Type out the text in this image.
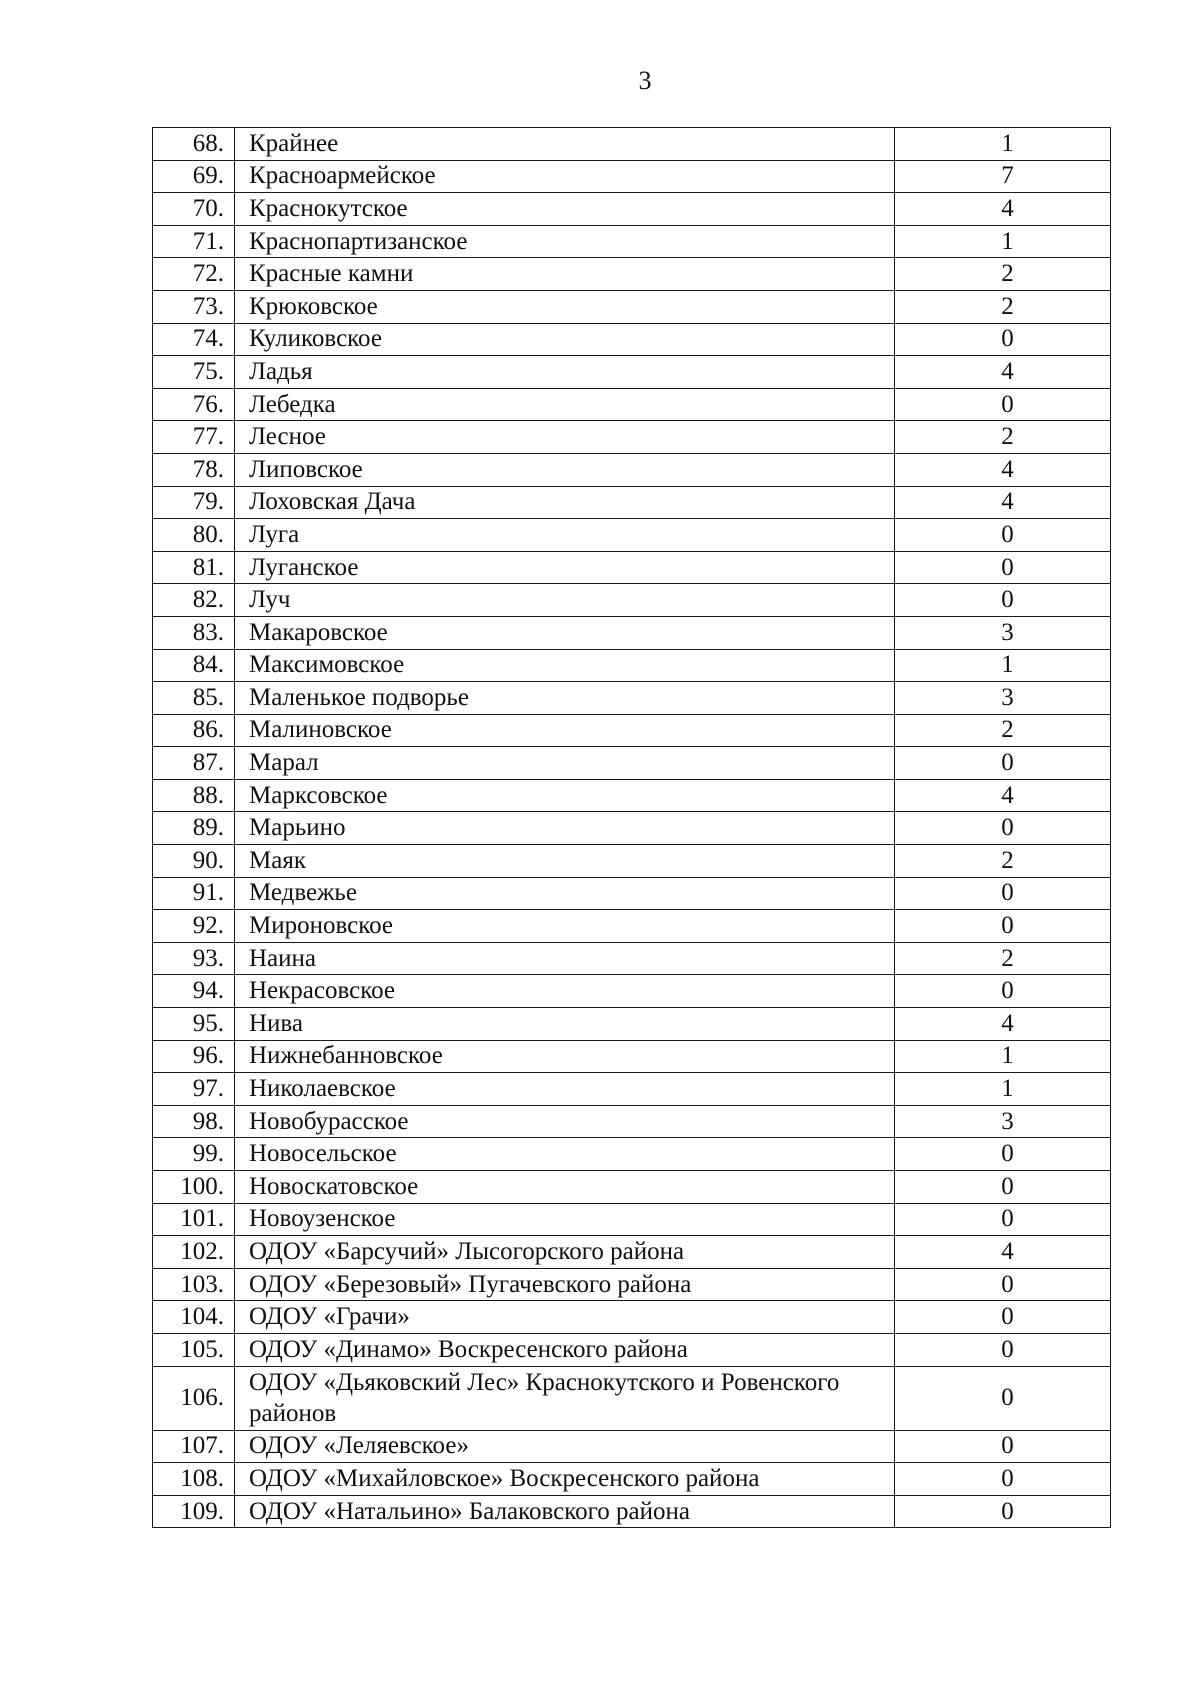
3
68.	Крайнее	1
69.	Красноармейское	7
70.	Краснокутское	4
71.	Краснопартизанское	1
72.	Красные камни	2
73.	Крюковское	2
74.	Куликовское	0
75.	Ладья	4
76.	Лебедка	0
77.	Лесное	2
78.	Липовское	4
79.	Лоховская Дача	4
80.	Луга	0
81.	Луганское	0
82.	Луч	0
83.	Макаровское	3
84.	Максимовское	1
85.	Маленькое подворье	3
86.	Малиновское	2
87.	Марал	0
88.	Марксовское	4
89.	Марьино	0
90.	Маяк	2
91.	Медвежье	0
92.	Мироновское	0
93.	Наина	2
94.	Некрасовское	0
95.	Нива	4
96.	Нижнебанновское	1
97.	Николаевское	1
98.	Новобурасское	3
99.	Новосельское	0
100.	Новоскатовское	0
101.	Новоузенское	0
102.	ОДОУ «Барсучий» Лысогорского района	4
103.	ОДОУ «Березовый» Пугачевского района	0
104.	ОДОУ «Грачи»	0
105.	ОДОУ «Динамо» Воскресенского района	0
106.	ОДОУ «Дьяковский Лес» Краснокутского и Ровенского районов	0
107.	ОДОУ «Леляевское»	0
108.	ОДОУ «Михайловское» Воскресенского района	0
109.	ОДОУ «Натальино» Балаковского района	0
